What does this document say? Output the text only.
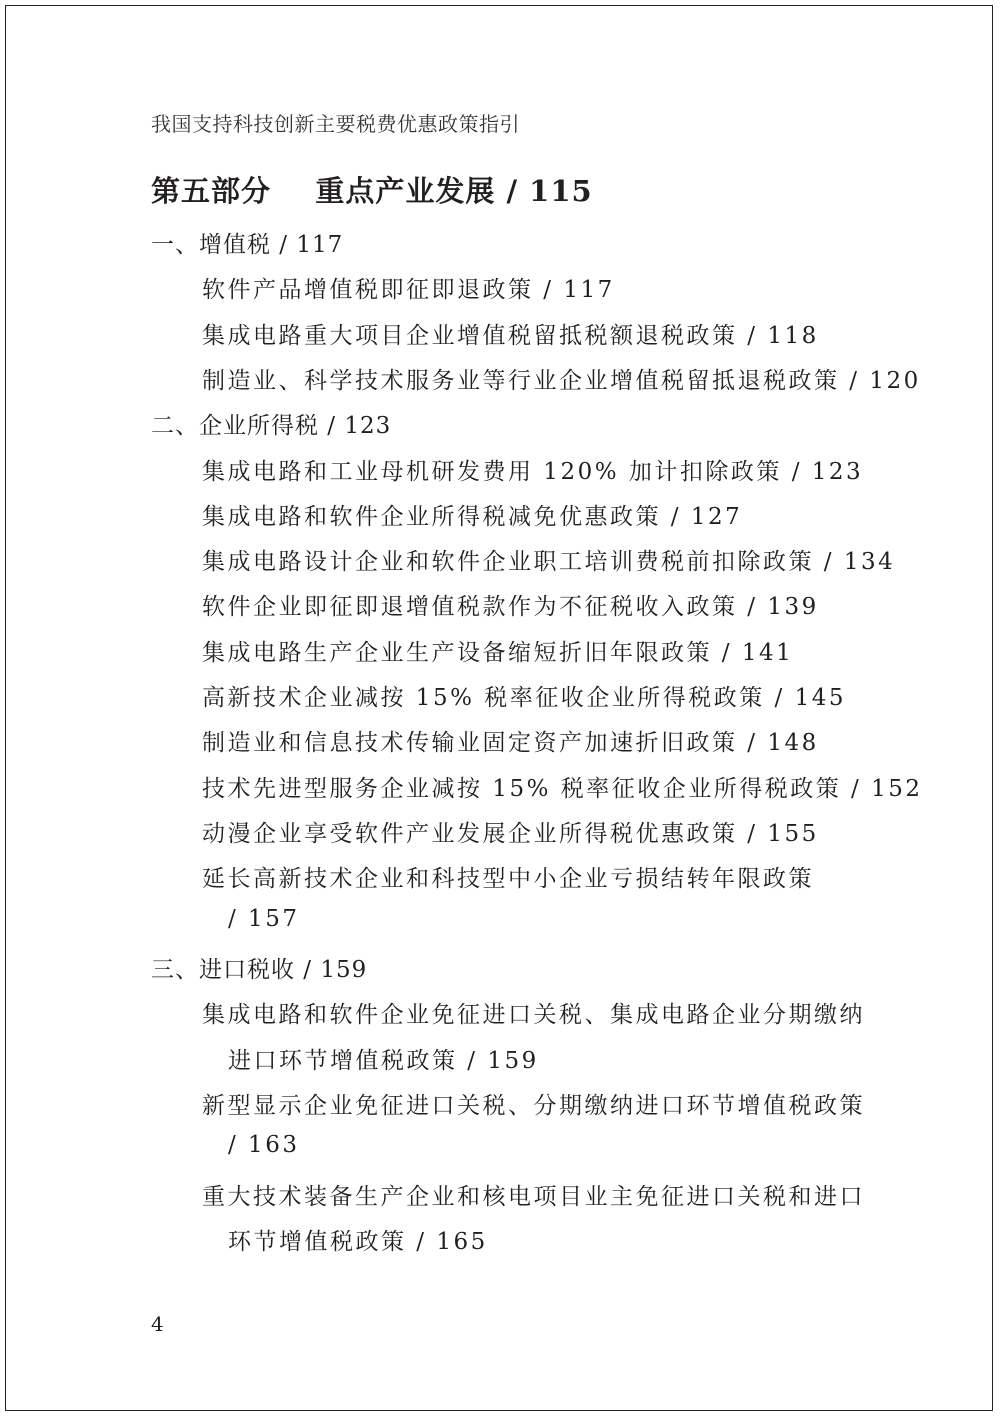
我国支持科技创新主要税费优惠政策指引
第五部分    重点产业发展 / 115
一、增值税 / 117
软件产品增值税即征即退政策 / 117
集成电路重大项目企业增值税留抵税额退税政策 / 118
制造业、科学技术服务业等行业企业增值税留抵退税政策 / 120
二、企业所得税 / 123
集成电路和工业母机研发费用 120% 加计扣除政策 / 123
集成电路和软件企业所得税减免优惠政策 / 127
集成电路设计企业和软件企业职工培训费税前扣除政策 / 134
软件企业即征即退增值税款作为不征税收入政策 / 139
集成电路生产企业生产设备缩短折旧年限政策 / 141
高新技术企业减按 15% 税率征收企业所得税政策 / 145
制造业和信息技术传输业固定资产加速折旧政策 / 148
技术先进型服务企业减按 15% 税率征收企业所得税政策 / 152
动漫企业享受软件产业发展企业所得税优惠政策 / 155
延长高新技术企业和科技型中小企业亏损结转年限政策
/ 157
三、进口税收 / 159
集成电路和软件企业免征进口关税、集成电路企业分期缴纳
进口环节增值税政策 / 159
新型显示企业免征进口关税、分期缴纳进口环节增值税政策
/ 163
重大技术装备生产企业和核电项目业主免征进口关税和进口
环节增值税政策 / 165
4
